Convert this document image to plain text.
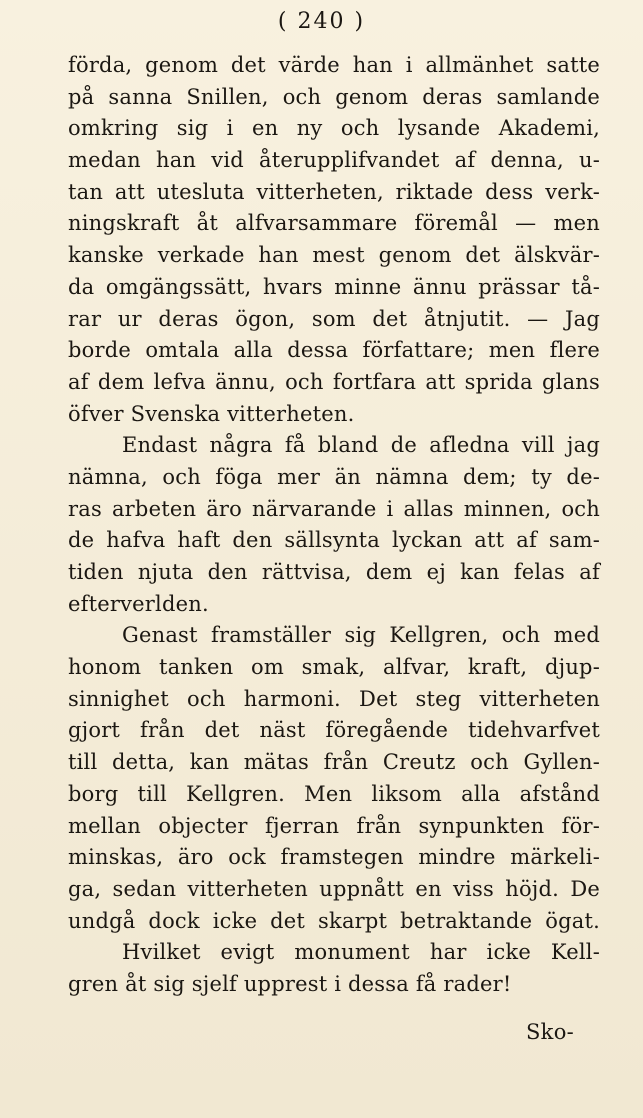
( 240 )
förda, genom det värde han i allmänhet satte
på sanna Snillen, och genom deras samlande
omkring sig i en ny och lysande Akademi,
medan han vid återupplifvandet af denna, u-
tan att utesluta vitterheten, riktade dess verk-
ningskraft åt alfvarsammare föremål — men
kanske verkade han mest genom det älskvär-
da omgängssätt, hvars minne ännu prässar tå-
rar ur deras ögon, som det åtnjutit. — Jag
borde omtala alla dessa författare; men flere
af dem lefva ännu, och fortfara att sprida glans
öfver Svenska vitterheten.
Endast några få bland de afledna vill jag
nämna, och föga mer än nämna dem; ty de-
ras arbeten äro närvarande i allas minnen, och
de hafva haft den sällsynta lyckan att af sam-
tiden njuta den rättvisa, dem ej kan felas af
efterverlden.
Genast framställer sig Kellgren, och med
honom tanken om smak, alfvar, kraft, djup-
sinnighet och harmoni. Det steg vitterheten
gjort från det näst föregående tidehvarfvet
till detta, kan mätas från Creutz och Gyllen-
borg till Kellgren. Men liksom alla afstånd
mellan objecter fjerran från synpunkten för-
minskas, äro ock framstegen mindre märkeli-
ga, sedan vitterheten uppnått en viss höjd. De
undgå dock icke det skarpt betraktande ögat.
Hvilket evigt monument har icke Kell-
gren åt sig sjelf upprest i dessa få rader!
Sko-
